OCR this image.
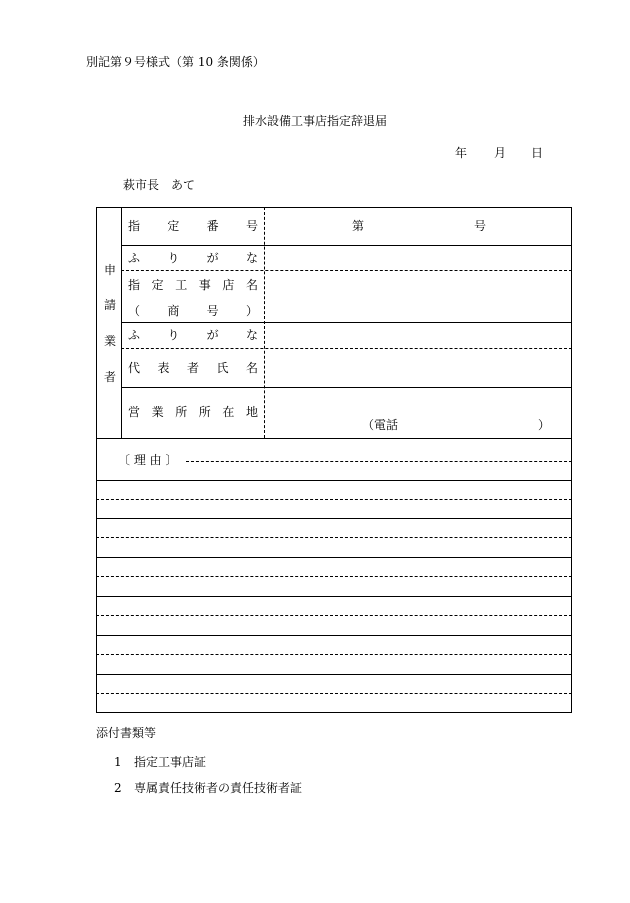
別記第９号様式（第 10 条関係）
排水設備工事店指定辞退届
年 月 日
萩市長　あて
申
請
業
者
指 定 番 号	第	号
ふ り が な
指 定 工 事 店 名
（ 商 号 ）
ふ り が な
代 表 者 氏 名
営 業 所 所 在 地
（電話	）
〔 理 由 〕
添付書類等
1 指定工事店証
2 専属責任技術者の責任技術者証
